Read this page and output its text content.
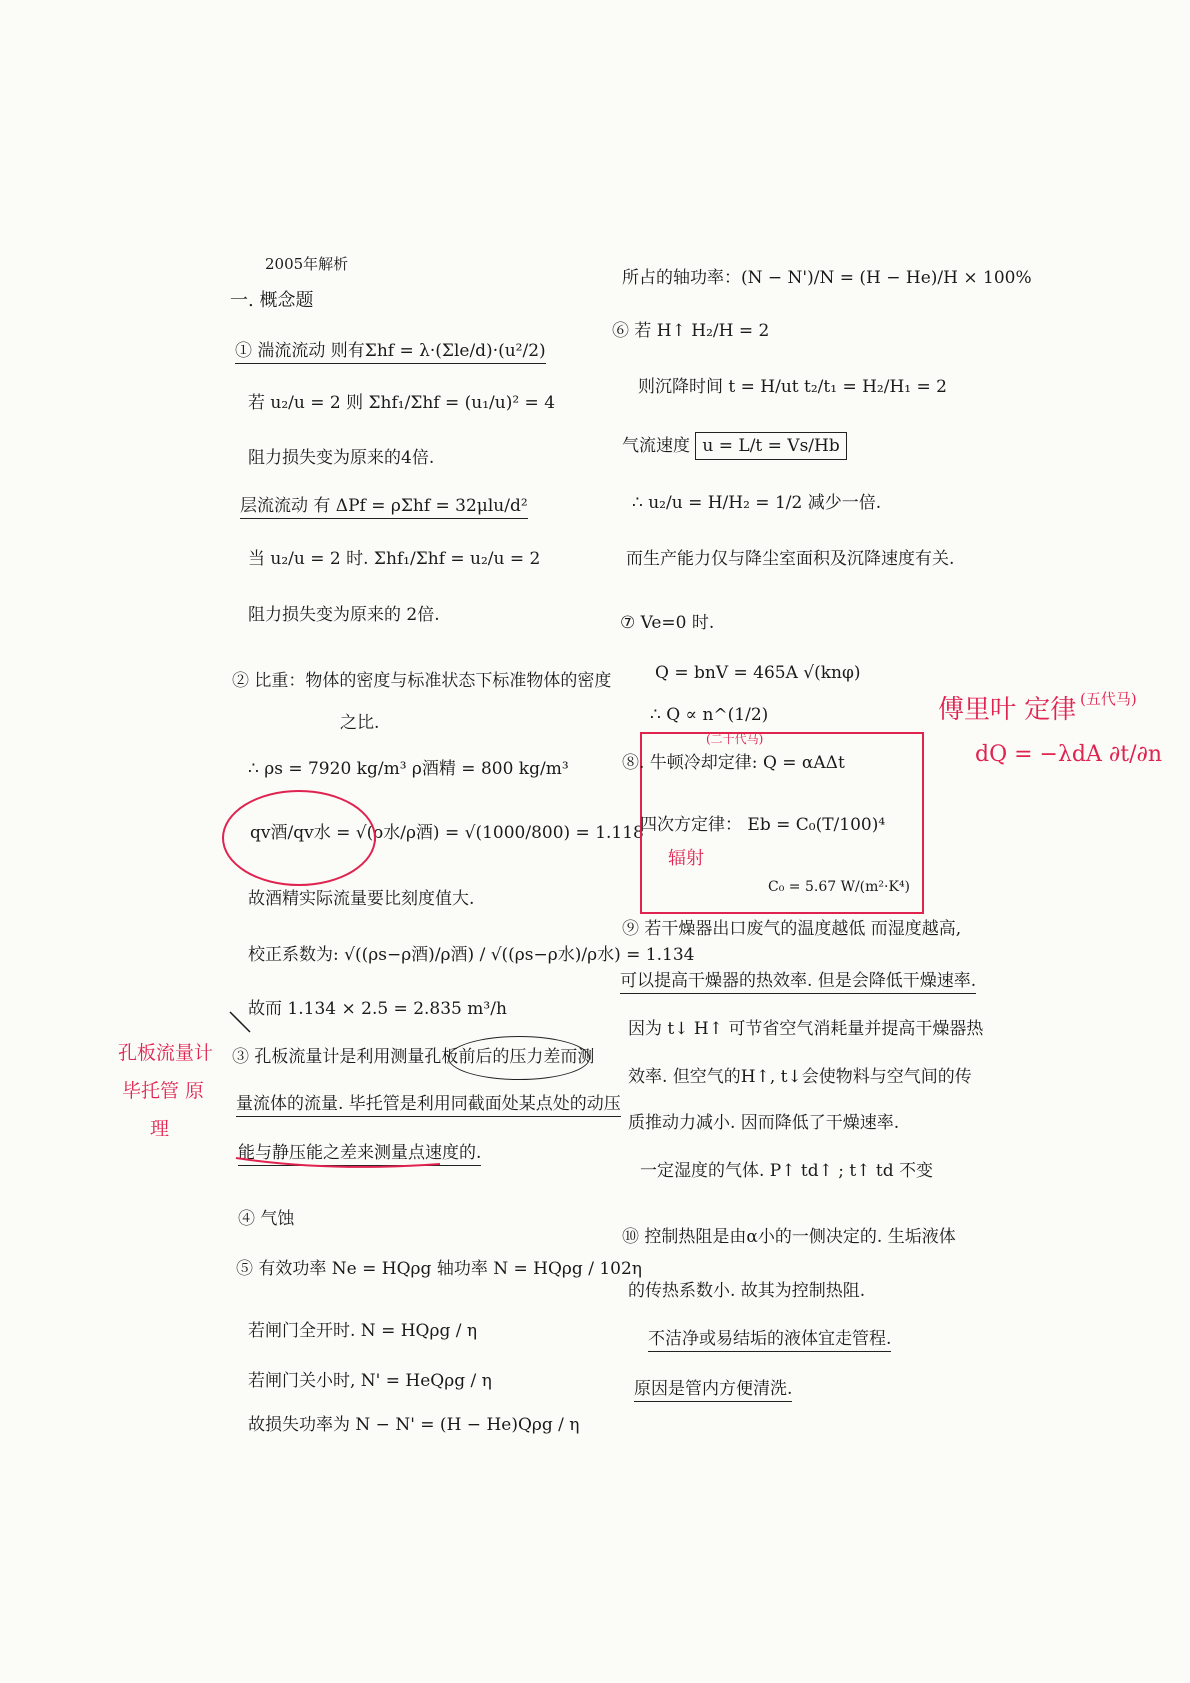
2005年解析
一. 概念题
① 湍流流动 则有Σhf = λ·(Σle/d)·(u²/2)
若 u₂/u = 2 则 Σhf₁/Σhf = (u₁/u)² = 4
阻力损失变为原来的4倍.
层流流动 有 ΔPf = ρΣhf = 32μlu/d²
当 u₂/u = 2 时. Σhf₁/Σhf = u₂/u = 2
阻力损失变为原来的 2倍.
② 比重：物体的密度与标准状态下标准物体的密度
之比.
∴ ρs = 7920 kg/m³ ρ酒精 = 800 kg/m³
qv酒/qv水 = √(ρ水/ρ酒) = √(1000/800) = 1.118
故酒精实际流量要比刻度值大.
校正系数为: √((ρs−ρ酒)/ρ酒) / √((ρs−ρ水)/ρ水) = 1.134
故而 1.134 × 2.5 = 2.835 m³/h
③ 孔板流量计是利用测量孔板前后的压力差而测
量流体的流量. 毕托管是利用同截面处某点处的动压
能与静压能之差来测量点速度的.
④ 气蚀
⑤ 有效功率 Ne = HQρg 轴功率 N = HQρg / 102η
若闸门全开时. N = HQρg / η
若闸门关小时, N' = HeQρg / η
故损失功率为 N − N' = (H − He)Qρg / η
所占的轴功率：(N − N')/N = (H − He)/H × 100%
⑥ 若 H↑ H₂/H = 2
则沉降时间 t = H/ut t₂/t₁ = H₂/H₁ = 2
气流速度 u = L/t = Vs/Hb
∴ u₂/u = H/H₂ = 1/2 减少一倍.
而生产能力仅与降尘室面积及沉降速度有关.
⑦ Ve=0 时.
Q = bnV = 465A √(knφ)
∴ Q ∝ n^(1/2)
(二十代马)
⑧. 牛顿冷却定律: Q = αAΔt
四次方定律： Eb = C₀(T/100)⁴
辐射
C₀ = 5.67 W/(m²·K⁴)
⑨ 若干燥器出口废气的温度越低 而湿度越高,
可以提高干燥器的热效率. 但是会降低干燥速率.
因为 t↓ H↑ 可节省空气消耗量并提高干燥器热
效率. 但空气的H↑, t↓会使物料与空气间的传
质推动力减小. 因而降低了干燥速率.
一定湿度的气体. P↑ td↑ ; t↑ td 不变
⑩ 控制热阻是由α小的一侧决定的. 生垢液体
的传热系数小. 故其为控制热阻.
不洁净或易结垢的液体宜走管程.
原因是管内方便清洗.
傅里叶 定律 (五代马)
dQ = −λdA ∂t/∂n
孔板流量计
毕托管 原
理
